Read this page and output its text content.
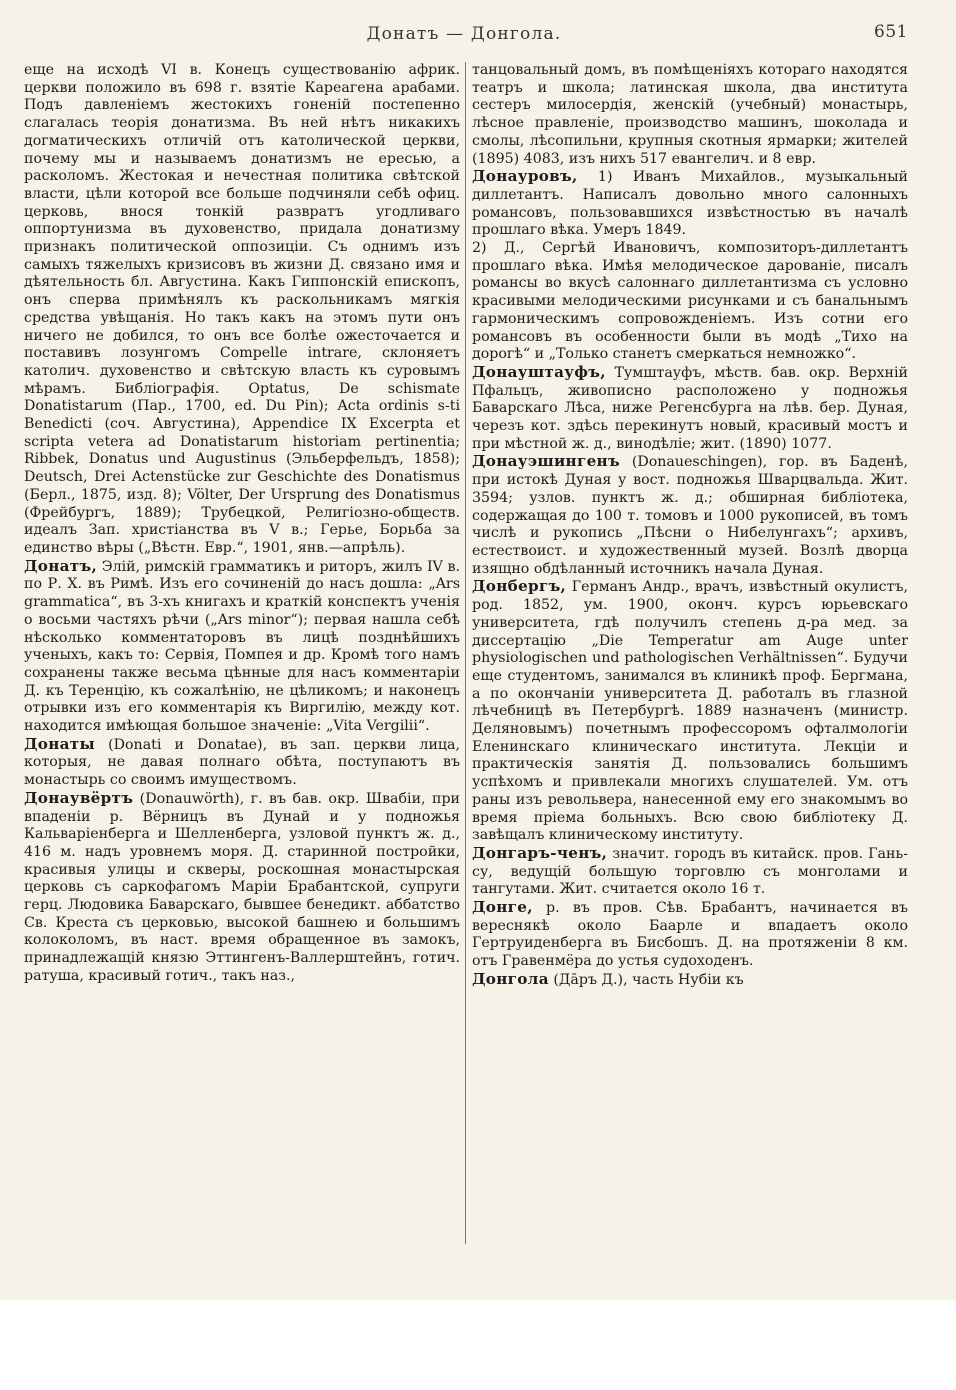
Донатъ — Донгола.	651

еще на исходѣ VI в. Конецъ существованію африк. церкви положило въ 698 г. взятіе Кареагена арабами. Подъ давленіемъ жестокихъ гоненій постепенно слагалась теорія донатизма. Въ ней нѣтъ никакихъ догматическихъ отличій отъ католической церкви, почему мы и называемъ донатизмъ не ересью, а расколомъ. Жестокая и нечестная политика свѣтской власти, цѣли которой все больше подчиняли себѣ офиц. церковь, внося тонкій развратъ угодливаго оппортунизма въ духовенство, придала донатизму признакъ политической оппозиціи. Съ однимъ изъ самыхъ тяжелыхъ кризисовъ въ жизни Д. связано имя и дѣятельность бл. Августина. Какъ Гиппонскій епископъ, онъ сперва примѣнялъ къ раскольникамъ мягкія средства увѣщанія. Но такъ какъ на этомъ пути онъ ничего не добился, то онъ все болѣе ожесточается и поставивъ лозунгомъ Compelle intrare, склоняетъ католич. духовенство и свѣтскую власть къ суровымъ мѣрамъ. Библіографія. Optatus, De schismate Donatistarum (Пар., 1700, ed. Du Pin); Acta ordinis s-ti Benedicti (соч. Августина), Appendice IX Excerpta et scripta vetera ad Donatistarum historiam pertinentia; Ribbek, Donatus und Augustinus (Эльберфельдъ, 1858); Deutsch, Drei Actenstücke zur Geschichte des Donatismus (Берл., 1875, изд. 8); Völter, Der Ursprung des Donatismus (Фрейбургъ, 1889); Трубецкой, Религіозно-обществ. идеалъ Зап. христіанства въ V в.; Герье, Борьба за единство вѣры („Вѣстн. Евр.“, 1901, янв.—апрѣль).

Донатъ, Элій, римскій грамматикъ и риторъ, жилъ IV в. по Р. Х. въ Римѣ. Изъ его сочиненій до насъ дошла: „Ars grammatica“, въ 3-хъ книгахъ и краткій конспектъ ученія о восьми частяхъ рѣчи („Ars minor“); первая нашла себѣ нѣсколько комментаторовъ въ лицѣ позднѣйшихъ ученыхъ, какъ то: Сервія, Помпея и др. Кромѣ того намъ сохранены также весьма цѣнные для насъ комментаріи Д. къ Теренцію, къ сожалѣнію, не цѣликомъ; и наконецъ отрывки изъ его комментарія къ Виргилію, между кот. находится имѣющая большое значеніе: „Vita Vergilii“.

Донаты (Donati и Donatae), въ зап. церкви лица, которыя, не давая полнаго обѣта, поступаютъ въ монастырь со своимъ имуществомъ.

Донаувёртъ (Donauwörth), г. въ бав. окр. Швабіи, при впаденіи р. Вёрницъ въ Дунай и у подножья Кальваріенберга и Шелленберга, узловой пунктъ ж. д., 416 м. надъ уровнемъ моря. Д. старинной постройки, красивыя улицы и скверы, роскошная монастырская церковь съ саркофагомъ Маріи Брабантской, супруги герц. Людовика Баварскаго, бывшее бенедикт. аббатство Св. Креста съ церковью, высокой башнею и большимъ колоколомъ, въ наст. время обращенное въ замокъ, принадлежащій князю Эттингенъ-Валлерштейнъ, готич. ратуша, красивый готич., такъ наз.,

танцовальный домъ, въ помѣщеніяхъ котораго находятся театръ и школа; латинская школа, два института сестеръ милосердія, женскій (учебный) монастырь, лѣсное правленіе, производство машинъ, шоколада и смолы, лѣсопильни, крупныя скотныя ярмарки; жителей (1895) 4083, изъ нихъ 517 евангелич. и 8 евр.

Донауровъ, 1) Иванъ Михайлов., музыкальный диллетантъ. Написалъ довольно много салонныхъ романсовъ, пользовавшихся извѣстностью въ началѣ прошлаго вѣка. Умеръ 1849.

2) Д., Сергѣй Ивановичъ, композиторъ-диллетантъ прошлаго вѣка. Имѣя мелодическое дарованіе, писалъ романсы во вкусѣ салоннаго диллетантизма съ условно красивыми мелодическими рисунками и съ банальнымъ гармоническимъ сопровожденіемъ. Изъ сотни его романсовъ въ особенности были въ модѣ „Тихо на дорогѣ“ и „Только станетъ смеркаться немножко“.

Донауштауфъ, Тумштауфъ, мѣств. бав. окр. Верхній Пфальцъ, живописно расположено у подножья Баварскаго Лѣса, ниже Регенсбурга на лѣв. бер. Дуная, черезъ кот. здѣсь перекинутъ новый, красивый мостъ и при мѣстной ж. д., винодѣліе; жит. (1890) 1077.

Донауэшингенъ (Donaueschingen), гор. въ Баденѣ, при истокѣ Дуная у вост. подножья Шварцвальда. Жит. 3594; узлов. пунктъ ж. д.; обширная библіотека, содержащая до 100 т. томовъ и 1000 рукописей, въ томъ числѣ и рукопись „Пѣсни о Нибелунгахъ“; архивъ, естествоист. и художественный музей. Возлѣ дворца изящно обдѣланный источникъ начала Дуная.

Донбергъ, Германъ Андр., врачъ, извѣстный окулистъ, род. 1852, ум. 1900, оконч. курсъ юрьевскаго университета, гдѣ получилъ степень д-ра мед. за диссертацію „Die Temperatur am Auge unter physiologischen und pathologischen Verhältnissen“. Будучи еще студентомъ, занимался въ клиникѣ проф. Бергмана, а по окончаніи университета Д. работалъ въ глазной лѣчебницѣ въ Петербургѣ. 1889 назначенъ (министр. Деляновымъ) почетнымъ профессоромъ офталмологіи Еленинскаго клиническаго института. Лекціи и практическія занятія Д. пользовались большимъ успѣхомъ и привлекали многихъ слушателей. Ум. отъ раны изъ револьвера, нанесенной ему его знакомымъ во время пріема больныхъ. Всю свою библіотеку Д. завѣщалъ клиническому институту.

Донгаръ-ченъ, значит. городъ въ китайск. пров. Гань-су, ведущій большую торговлю съ монголами и тангутами. Жит. считается около 16 т.

Донге, р. въ пров. Сѣв. Брабантъ, начинается въ вереснякѣ около Баарле и впадаетъ около Гертруиденберга въ Бисбошъ. Д. на протяженіи 8 км. отъ Гравенмёра до устья судоходенъ.

Донгола (Дāръ Д.), часть Нубіи къ
